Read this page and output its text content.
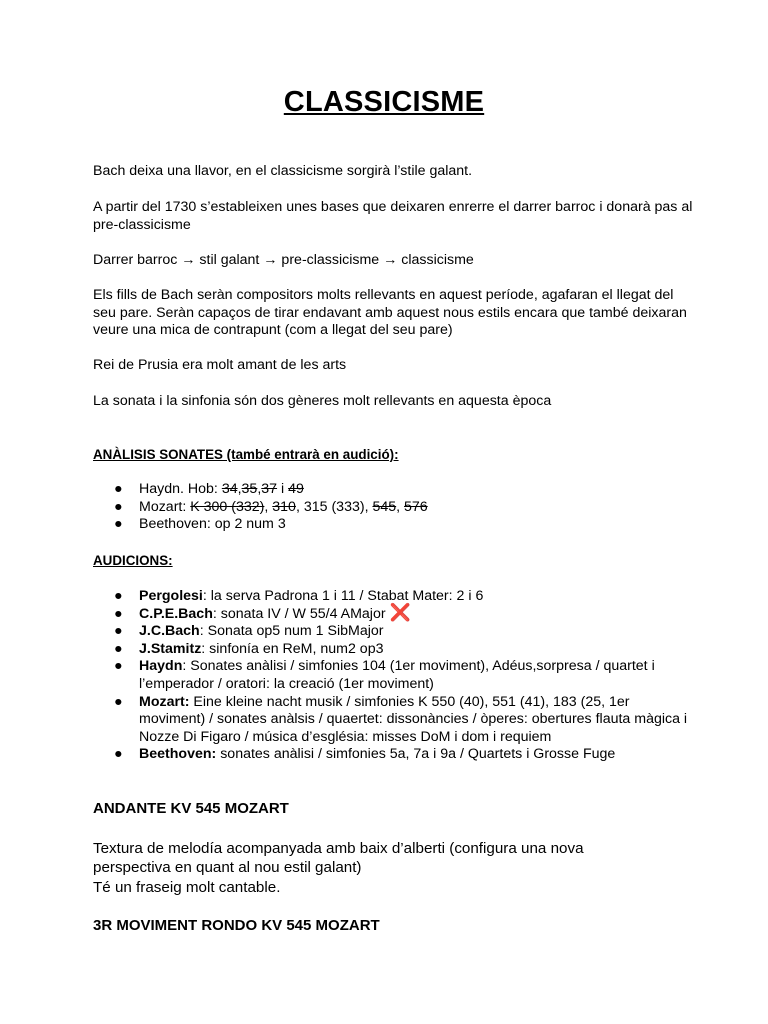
CLASSICISME

Bach deixa una llavor, en el classicisme sorgirà l’stile galant.

A partir del 1730 s’estableixen unes bases que deixaren enrerre el darrer barroc i donarà pas al pre-classicisme

Darrer barroc → stil galant → pre-classicisme → classicisme

Els fills de Bach seràn compositors molts rellevants en aquest període, agafaran el llegat del seu pare. Seràn capaços de tirar endavant amb aquest nous estils encara que també deixaran veure una mica de contrapunt (com a llegat del seu pare)

Rei de Prusia era molt amant de les arts

La sonata i la sinfonia són dos gèneres molt rellevants en aquesta època

ANÀLISIS SONATES (també entrarà en audició):

● Haydn. Hob: 34,35,37 i 49
● Mozart: K 300 (332), 310, 315 (333), 545, 576
● Beethoven: op 2 num 3

AUDICIONS:

● Pergolesi: la serva Padrona 1 i 11 / Stabat Mater: 2 i 6
● C.P.E.Bach: sonata IV / W 55/4 AMajor ❌
● J.C.Bach: Sonata op5 num 1 SibMajor
● J.Stamitz: sinfonía en ReM, num2 op3
● Haydn: Sonates anàlisi / simfonies 104 (1er moviment), Adéus,sorpresa / quartet i l’emperador / oratori: la creació (1er moviment)
● Mozart: Eine kleine nacht musik / simfonies K 550 (40), 551 (41), 183 (25, 1er moviment) / sonates anàlsis / quaertet: dissonàncies / òperes: obertures flauta màgica i Nozze Di Figaro / música d’església: misses DoM i dom i requiem
● Beethoven: sonates anàlisi / simfonies 5a, 7a i 9a / Quartets i Grosse Fuge
ANDANTE KV 545 MOZART

Textura de melodía acompanyada amb baix d’alberti (configura una nova perspectiva en quant al nou estil galant)
Té un fraseig molt cantable.

3R MOVIMENT RONDO KV 545 MOZART
